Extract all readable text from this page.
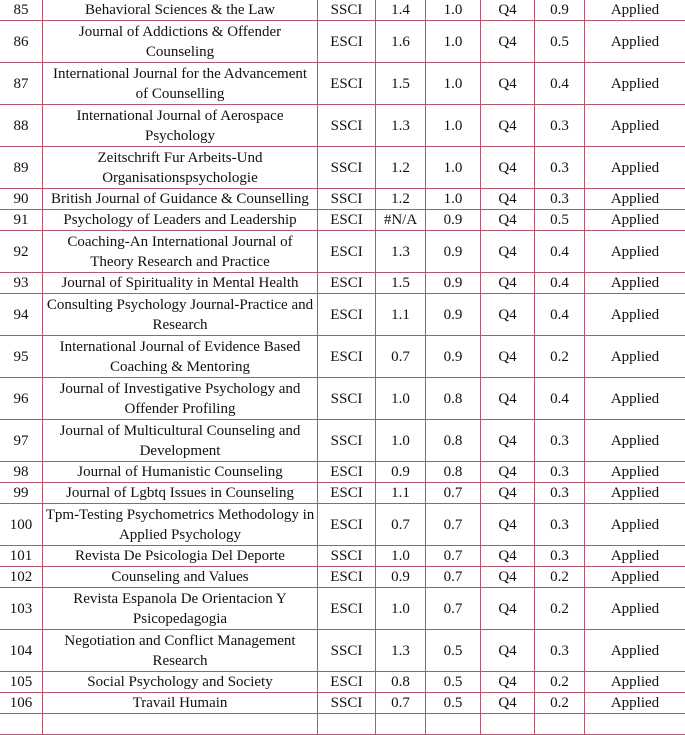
85	Behavioral Sciences & the Law	SSCI	1.4	1.0	Q4	0.9	Applied
86	Journal of Addictions & Offender Counseling	ESCI	1.6	1.0	Q4	0.5	Applied
87	International Journal for the Advancement of Counselling	ESCI	1.5	1.0	Q4	0.4	Applied
88	International Journal of Aerospace Psychology	SSCI	1.3	1.0	Q4	0.3	Applied
89	Zeitschrift Fur Arbeits-Und Organisationspsychologie	SSCI	1.2	1.0	Q4	0.3	Applied
90	British Journal of Guidance & Counselling	SSCI	1.2	1.0	Q4	0.3	Applied
91	Psychology of Leaders and Leadership	ESCI	#N/A	0.9	Q4	0.5	Applied
92	Coaching-An International Journal of Theory Research and Practice	ESCI	1.3	0.9	Q4	0.4	Applied
93	Journal of Spirituality in Mental Health	ESCI	1.5	0.9	Q4	0.4	Applied
94	Consulting Psychology Journal-Practice and Research	ESCI	1.1	0.9	Q4	0.4	Applied
95	International Journal of Evidence Based Coaching & Mentoring	ESCI	0.7	0.9	Q4	0.2	Applied
96	Journal of Investigative Psychology and Offender Profiling	SSCI	1.0	0.8	Q4	0.4	Applied
97	Journal of Multicultural Counseling and Development	SSCI	1.0	0.8	Q4	0.3	Applied
98	Journal of Humanistic Counseling	ESCI	0.9	0.8	Q4	0.3	Applied
99	Journal of Lgbtq Issues in Counseling	ESCI	1.1	0.7	Q4	0.3	Applied
100	Tpm-Testing Psychometrics Methodology in Applied Psychology	ESCI	0.7	0.7	Q4	0.3	Applied
101	Revista De Psicologia Del Deporte	SSCI	1.0	0.7	Q4	0.3	Applied
102	Counseling and Values	ESCI	0.9	0.7	Q4	0.2	Applied
103	Revista Espanola De Orientacion Y Psicopedagogia	ESCI	1.0	0.7	Q4	0.2	Applied
104	Negotiation and Conflict Management Research	SSCI	1.3	0.5	Q4	0.3	Applied
105	Social Psychology and Society	ESCI	0.8	0.5	Q4	0.2	Applied
106	Travail Humain	SSCI	0.7	0.5	Q4	0.2	Applied
